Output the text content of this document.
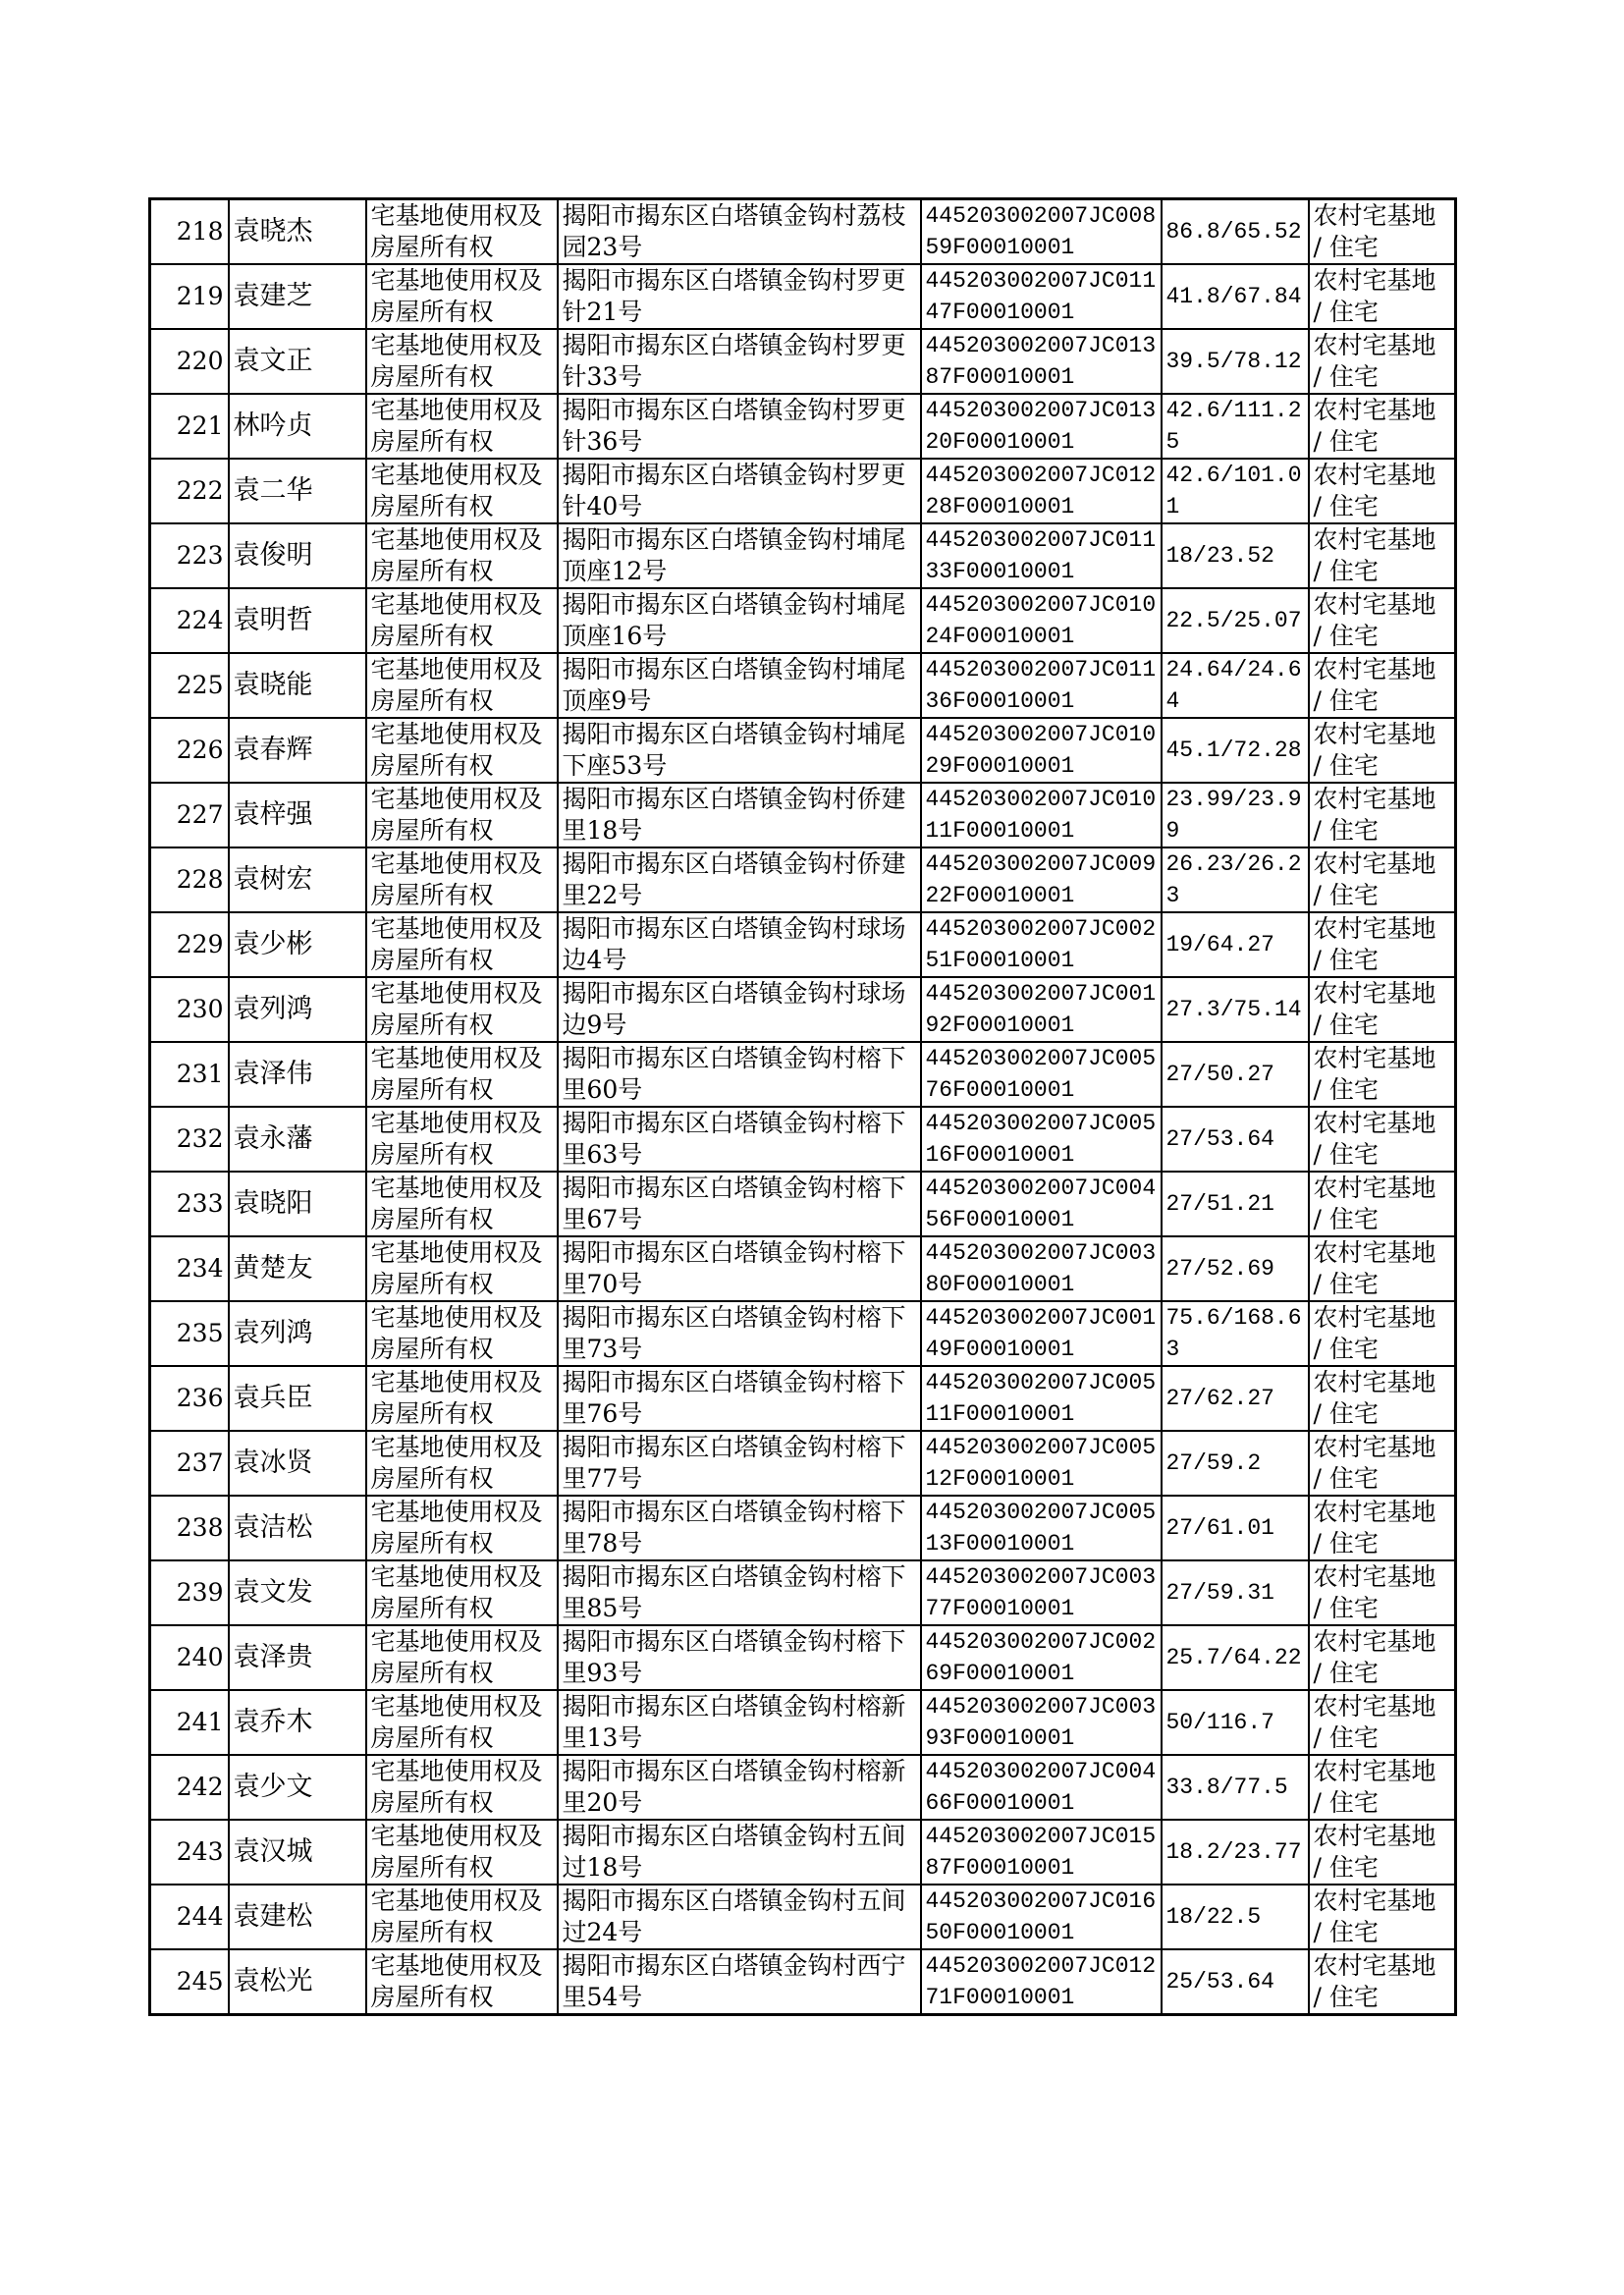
218	袁晓杰	宅基地使用权及房屋所有权	揭阳市揭东区白塔镇金钩村荔枝园23号	445203002007JC00859F00010001	86.8/65.52	农村宅基地 / 住宅
219	袁建芝	宅基地使用权及房屋所有权	揭阳市揭东区白塔镇金钩村罗更针21号	445203002007JC01147F00010001	41.8/67.84	农村宅基地 / 住宅
220	袁文正	宅基地使用权及房屋所有权	揭阳市揭东区白塔镇金钩村罗更针33号	445203002007JC01387F00010001	39.5/78.12	农村宅基地 / 住宅
221	林吟贞	宅基地使用权及房屋所有权	揭阳市揭东区白塔镇金钩村罗更针36号	445203002007JC01320F00010001	42.6/111.25	农村宅基地 / 住宅
222	袁二华	宅基地使用权及房屋所有权	揭阳市揭东区白塔镇金钩村罗更针40号	445203002007JC01228F00010001	42.6/101.01	农村宅基地 / 住宅
223	袁俊明	宅基地使用权及房屋所有权	揭阳市揭东区白塔镇金钩村埔尾顶座12号	445203002007JC01133F00010001	18/23.52	农村宅基地 / 住宅
224	袁明哲	宅基地使用权及房屋所有权	揭阳市揭东区白塔镇金钩村埔尾顶座16号	445203002007JC01024F00010001	22.5/25.07	农村宅基地 / 住宅
225	袁晓能	宅基地使用权及房屋所有权	揭阳市揭东区白塔镇金钩村埔尾顶座9号	445203002007JC01136F00010001	24.64/24.64	农村宅基地 / 住宅
226	袁春辉	宅基地使用权及房屋所有权	揭阳市揭东区白塔镇金钩村埔尾下座53号	445203002007JC01029F00010001	45.1/72.28	农村宅基地 / 住宅
227	袁梓强	宅基地使用权及房屋所有权	揭阳市揭东区白塔镇金钩村侨建里18号	445203002007JC01011F00010001	23.99/23.99	农村宅基地 / 住宅
228	袁树宏	宅基地使用权及房屋所有权	揭阳市揭东区白塔镇金钩村侨建里22号	445203002007JC00922F00010001	26.23/26.23	农村宅基地 / 住宅
229	袁少彬	宅基地使用权及房屋所有权	揭阳市揭东区白塔镇金钩村球场边4号	445203002007JC00251F00010001	19/64.27	农村宅基地 / 住宅
230	袁列鸿	宅基地使用权及房屋所有权	揭阳市揭东区白塔镇金钩村球场边9号	445203002007JC00192F00010001	27.3/75.14	农村宅基地 / 住宅
231	袁泽伟	宅基地使用权及房屋所有权	揭阳市揭东区白塔镇金钩村榕下里60号	445203002007JC00576F00010001	27/50.27	农村宅基地 / 住宅
232	袁永藩	宅基地使用权及房屋所有权	揭阳市揭东区白塔镇金钩村榕下里63号	445203002007JC00516F00010001	27/53.64	农村宅基地 / 住宅
233	袁晓阳	宅基地使用权及房屋所有权	揭阳市揭东区白塔镇金钩村榕下里67号	445203002007JC00456F00010001	27/51.21	农村宅基地 / 住宅
234	黄楚友	宅基地使用权及房屋所有权	揭阳市揭东区白塔镇金钩村榕下里70号	445203002007JC00380F00010001	27/52.69	农村宅基地 / 住宅
235	袁列鸿	宅基地使用权及房屋所有权	揭阳市揭东区白塔镇金钩村榕下里73号	445203002007JC00149F00010001	75.6/168.63	农村宅基地 / 住宅
236	袁兵臣	宅基地使用权及房屋所有权	揭阳市揭东区白塔镇金钩村榕下里76号	445203002007JC00511F00010001	27/62.27	农村宅基地 / 住宅
237	袁冰贤	宅基地使用权及房屋所有权	揭阳市揭东区白塔镇金钩村榕下里77号	445203002007JC00512F00010001	27/59.2	农村宅基地 / 住宅
238	袁洁松	宅基地使用权及房屋所有权	揭阳市揭东区白塔镇金钩村榕下里78号	445203002007JC00513F00010001	27/61.01	农村宅基地 / 住宅
239	袁文发	宅基地使用权及房屋所有权	揭阳市揭东区白塔镇金钩村榕下里85号	445203002007JC00377F00010001	27/59.31	农村宅基地 / 住宅
240	袁泽贵	宅基地使用权及房屋所有权	揭阳市揭东区白塔镇金钩村榕下里93号	445203002007JC00269F00010001	25.7/64.22	农村宅基地 / 住宅
241	袁乔木	宅基地使用权及房屋所有权	揭阳市揭东区白塔镇金钩村榕新里13号	445203002007JC00393F00010001	50/116.7	农村宅基地 / 住宅
242	袁少文	宅基地使用权及房屋所有权	揭阳市揭东区白塔镇金钩村榕新里20号	445203002007JC00466F00010001	33.8/77.5	农村宅基地 / 住宅
243	袁汉城	宅基地使用权及房屋所有权	揭阳市揭东区白塔镇金钩村五间过18号	445203002007JC01587F00010001	18.2/23.77	农村宅基地 / 住宅
244	袁建松	宅基地使用权及房屋所有权	揭阳市揭东区白塔镇金钩村五间过24号	445203002007JC01650F00010001	18/22.5	农村宅基地 / 住宅
245	袁松光	宅基地使用权及房屋所有权	揭阳市揭东区白塔镇金钩村西宁里54号	445203002007JC01271F00010001	25/53.64	农村宅基地 / 住宅
